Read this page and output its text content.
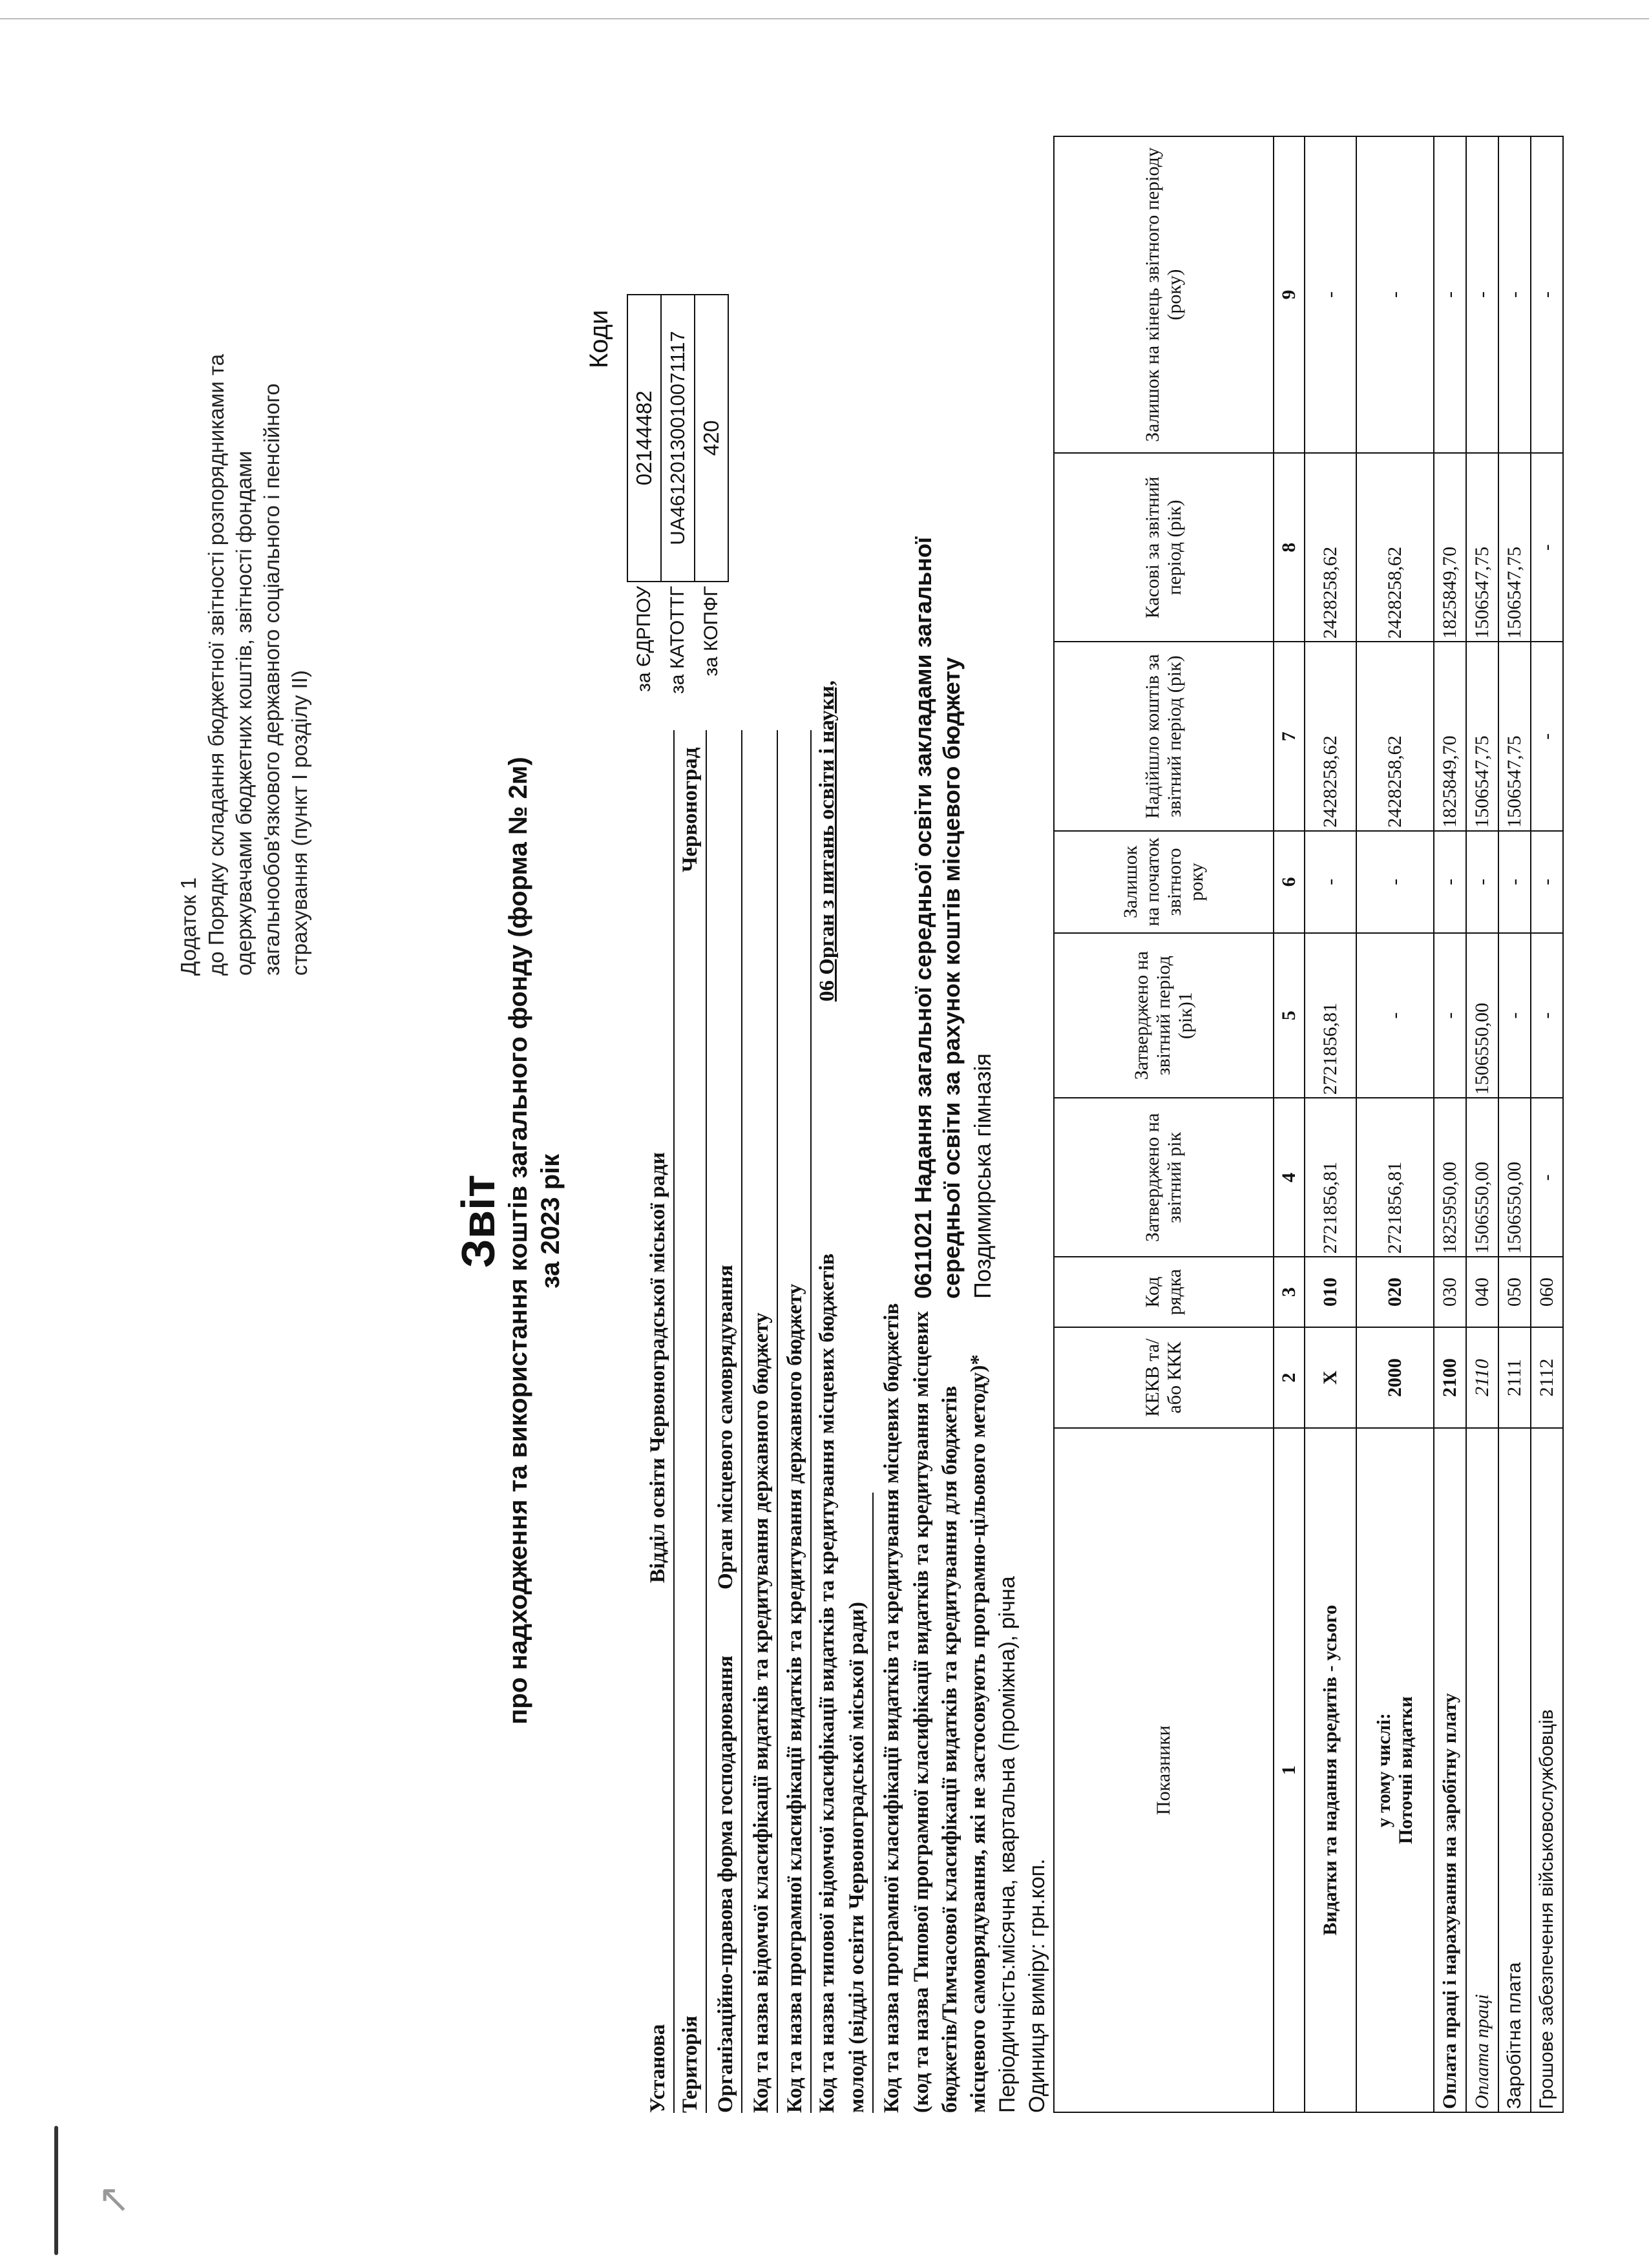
↗
Додаток 1 до Порядку складання бюджетної звітності розпорядниками та одержувачами бюджетних коштів, звітності фондами загальнообов'язкового державного соціального і пенсійного страхування (пункт I розділу II)
Звіт про надходження та використання коштів загального фонду (форма № 2м) за 2023 рік
Коди
за ЄДРПОУ	02144482
за КАТОТТГ	UA46120130010071117
за КОПФГ	420
Установа
Відділ освіти Червоноградської міської ради
Територія
Червоноград
Організаційно-правова форма господарювання
Орган місцевого самоврядування Код та назва відомчої класифікації видатків та кредитування державного бюджету Код та назва програмної класифікації видатків та кредитування державного бюджету Код та назва типової відомчої класифікації видатків та кредитування місцевих бюджетів
06 Орган з питань освіти і науки,
молоді (відділ освіти Червоноградської міської ради) Код та назва програмної класифікації видатків та кредитування місцевих бюджетів (код та назва Типової програмної класифікації видатків та кредитування місцевих бюджетів/Тимчасової класифікації видатків та кредитування для бюджетів місцевого самоврядування, які не застосовують програмно-цільового методу)*
0611021 Надання загальної середньої освіти закладами загальної середньої освіти за рахунок коштів місцевого бюджету Поздимирська гімназія
Періодичність:місячна, квартальна (проміжна), річна Одиниця виміру: грн.коп.
Показники	КЕКВ та/або ККК	Код рядка	Затверджено на звітний рік	Затверджено на звітний період (рік)1	Залишок на початок звітного року	Надійшло коштів за звітний період (рік)	Касові за звітний період (рік)	Залишок на кінець звітного періоду (року)
1	2	3	4	5	6	7	8	9
Видатки та надання кредитів - усього	Х	010	2721856,81	2721856,81	-	2428258,62	2428258,62	-

у тому числі: Поточні видатки	2000	020	2721856,81	-	-	2428258,62	2428258,62	-
Оплата праці і нарахування на заробітну плату	2100	030	1825950,00	-	-	1825849,70	1825849,70	-
Оплата праці	2110	040	1506550,00	1506550,00	-	1506547,75	1506547,75	-
Заробітна плата	2111	050	1506550,00	-	-	1506547,75	1506547,75	-
Грошове забезпечення військовослужбовців	2112	060	-	-	-	-	-	-
